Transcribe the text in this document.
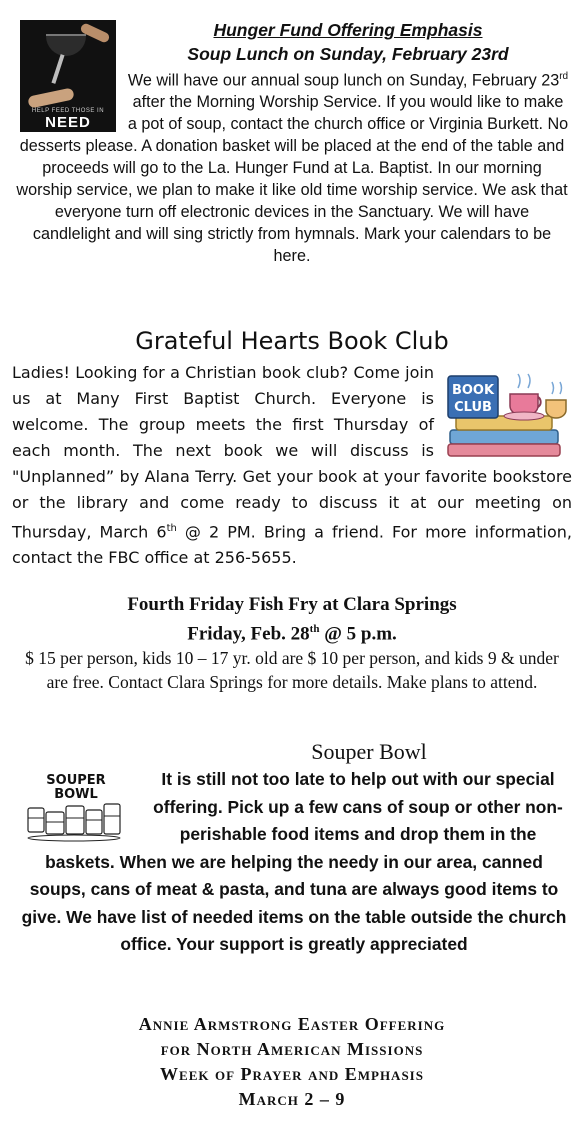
HELP FEED THOSE IN
NEED
Hunger Fund Offering Emphasis
Soup Lunch on Sunday, February 23rd

We will have our annual soup lunch on Sunday, February 23rd after the Morning Worship Service. If you would like to make a pot of soup, contact the church office or Virginia Burkett. No desserts please. A donation basket will be placed at the end of the table and proceeds will go to the La. Hunger Fund at La. Baptist. In our morning worship service, we plan to make it like old time worship service. We ask that everyone turn off electronic devices in the Sanctuary. We will have candlelight and will sing strictly from hymnals. Mark your calendars to be here.

Grateful Hearts Book Club

BOOK
CLUB
Ladies! Looking for a Christian book club? Come join us at Many First Baptist Church. Everyone is welcome. The group meets the first Thursday of each month. The next book we will discuss is "Unplanned” by Alana Terry. Get your book at your favorite bookstore or the library and come ready to discuss it at our meeting on Thursday, March 6th @ 2 PM. Bring a friend. For more information, contact the FBC office at 256-5655.

Fourth Friday Fish Fry at Clara Springs
Friday, Feb. 28th @ 5 p.m.

$ 15 per person, kids 10 – 17 yr. old are $ 10 per person, and kids 9 & under are free. Contact Clara Springs for more details. Make plans to attend.

Souper Bowl

SOUPER
BOWL
It is still not too late to help out with our special offering. Pick up a few cans of soup or other non-perishable food items and drop them in the baskets. When we are helping the needy in our area, canned soups, cans of meat & pasta, and tuna are always good items to give. We have list of needed items on the table outside the church office. Your support is greatly appreciated

Annie Armstrong Easter Offering
for North American Missions
Week of Prayer and Emphasis
March 2 – 9
